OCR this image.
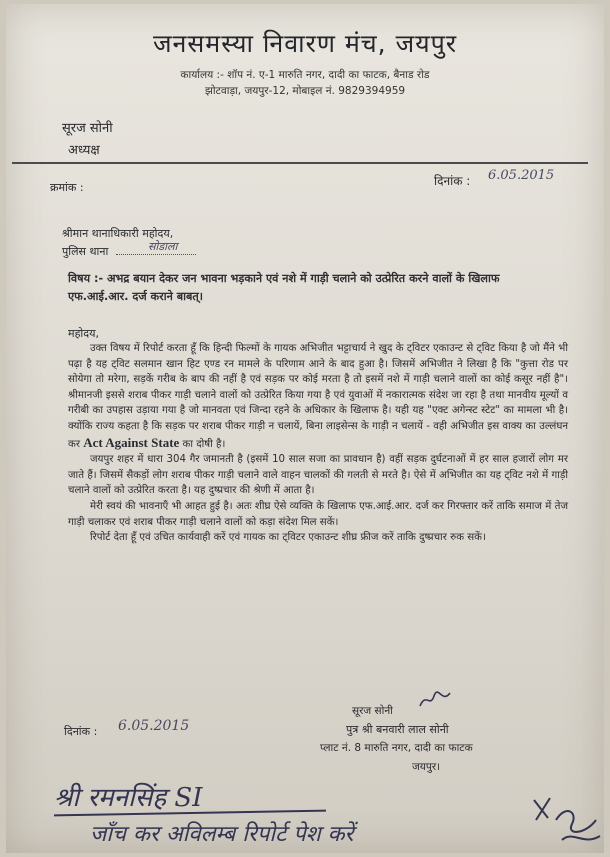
जनसमस्या निवारण मंच, जयपुर
कार्यालय :- शॉप नं. ए-1 मारुति नगर, दादी का फाटक, बैनाड रोड
झोटवाड़ा, जयपुर-12, मोबाइल नं. 9829394959
सूरज सोनी
अध्यक्ष
क्रमांक :	दिनांक : 6.05.2015
श्रीमान थानाधिकारी महोदय,
पुलिस थाना	सोडाला
विषय :- अभद्र बयान देकर जन भावना भड़काने एवं नशे में गाड़ी चलाने को उत्प्रेरित करने वालों के खिलाफ एफ.आई.आर. दर्ज कराने बाबत्।
महोदय,

उक्त विषय में रिपोर्ट करता हूँ कि हिन्दी फिल्मों के गायक अभिजीत भट्टाचार्य ने खुद के ट्विटर एकाउन्ट से ट्विट किया है जो मैंने भी पढ़ा है यह ट्विट सलमान खान हिट एण्ड रन मामले के परिणाम आने के बाद हुआ है। जिसमें अभिजीत ने लिखा है कि "कुत्ता रोड पर सोयेगा तो मरेगा, सड़कें गरीब के बाप की नहीं है एवं सड़क पर कोई मरता है तो इसमें नशे में गाड़ी चलाने वालों का कोई कसूर नहीं है"। श्रीमानजी इससे शराब पीकर गाड़ी चलाने वालों को उत्प्रेरित किया गया है एवं युवाओं में नकारात्मक संदेश जा रहा है तथा मानवीय मूल्यों व गरीबी का उपहास उड़ाया गया है जो मानवता एवं जिन्दा रहने के अधिकार के खिलाफ है। यही यह "एक्ट अगेन्स्ट स्टेट" का मामला भी है। क्योंकि राज्य कहता है कि सड़क पर शराब पीकर गाड़ी न चलायें, बिना लाइसेन्स के गाड़ी न चलायें - वही अभिजीत इस वाक्य का उल्लंघन कर Act Against State का दोषी है।

जयपुर शहर में धारा 304 गैर जमानती है (इसमें 10 साल सजा का प्रावधान है) वहीं सड़क दुर्घटनाओं में हर साल हजारों लोग मर जाते हैं। जिसमें सैकड़ों लोग शराब पीकर गाड़ी चलाने वाले वाहन चालकों की गलती से मरते है। ऐसे में अभिजीत का यह ट्विट नशे में गाड़ी चलाने वालों को उत्प्रेरित करता है। यह दुष्प्रचार की श्रेणी में आता है।

मेरी स्वयं की भावनाएँ भी आहत हुई है। अतः शीघ्र ऐसे व्यक्ति के खिलाफ एफ.आई.आर. दर्ज कर गिरफ्तार करें ताकि समाज में तेज गाड़ी चलाकर एवं शराब पीकर गाड़ी चलाने वालों को कड़ा संदेश मिल सकें।

रिपोर्ट देता हूँ एवं उचित कार्यवाही करें एवं गायक का ट्विटर एकाउन्ट शीघ्र फ्रीज करें ताकि दुष्प्रचार रुक सकें।

दिनांक : 6.05.2015
सूरज सोनी
पुत्र श्री बनवारी लाल सोनी
प्लाट नं. 8 मारुति नगर, दादी का फाटक
जयपुर।
श्री रमनसिंह SI
जाँच कर अविलम्ब रिपोर्ट पेश करें
